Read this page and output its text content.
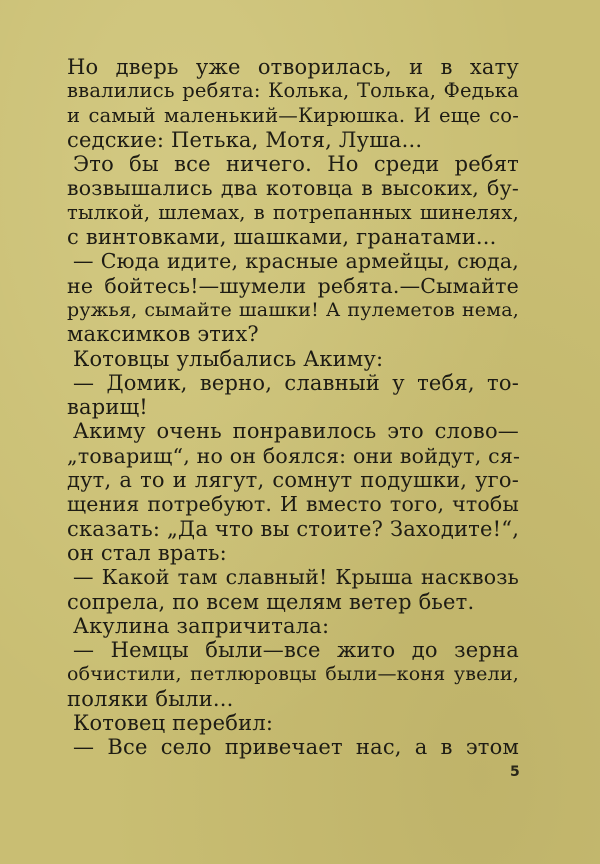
Но дверь уже отворилась, и в хату
ввалились ребята: Колька, Толька, Федька
и самый маленький—Кирюшка. И еще со-
седские: Петька, Мотя, Луша...
Это бы все ничего. Но среди ребят
возвышались два котовца в высоких, бу-
тылкой, шлемах, в потрепанных шинелях,
с винтовками, шашками, гранатами...
— Сюда идите, красные армейцы, сюда,
не бойтесь!—шумели ребята.—Сымайте
ружья, сымайте шашки! А пулеметов нема,
максимков этих?
Котовцы улыбались Акиму:
— Домик, верно, славный у тебя, то-
варищ!
Акиму очень понравилось это слово—
„товарищ“, но он боялся: они войдут, ся-
дут, а то и лягут, сомнут подушки, уго-
щения потребуют. И вместо того, чтобы
сказать: „Да что вы стоите? Заходите!“,
он стал врать:
— Какой там славный! Крыша насквозь
сопрела, по всем щелям ветер бьет.
Акулина запричитала:
— Немцы были—все жито до зерна
обчистили, петлюровцы были—коня увели,
поляки были...
Котовец перебил:
— Все село привечает нас, а в этом
5
